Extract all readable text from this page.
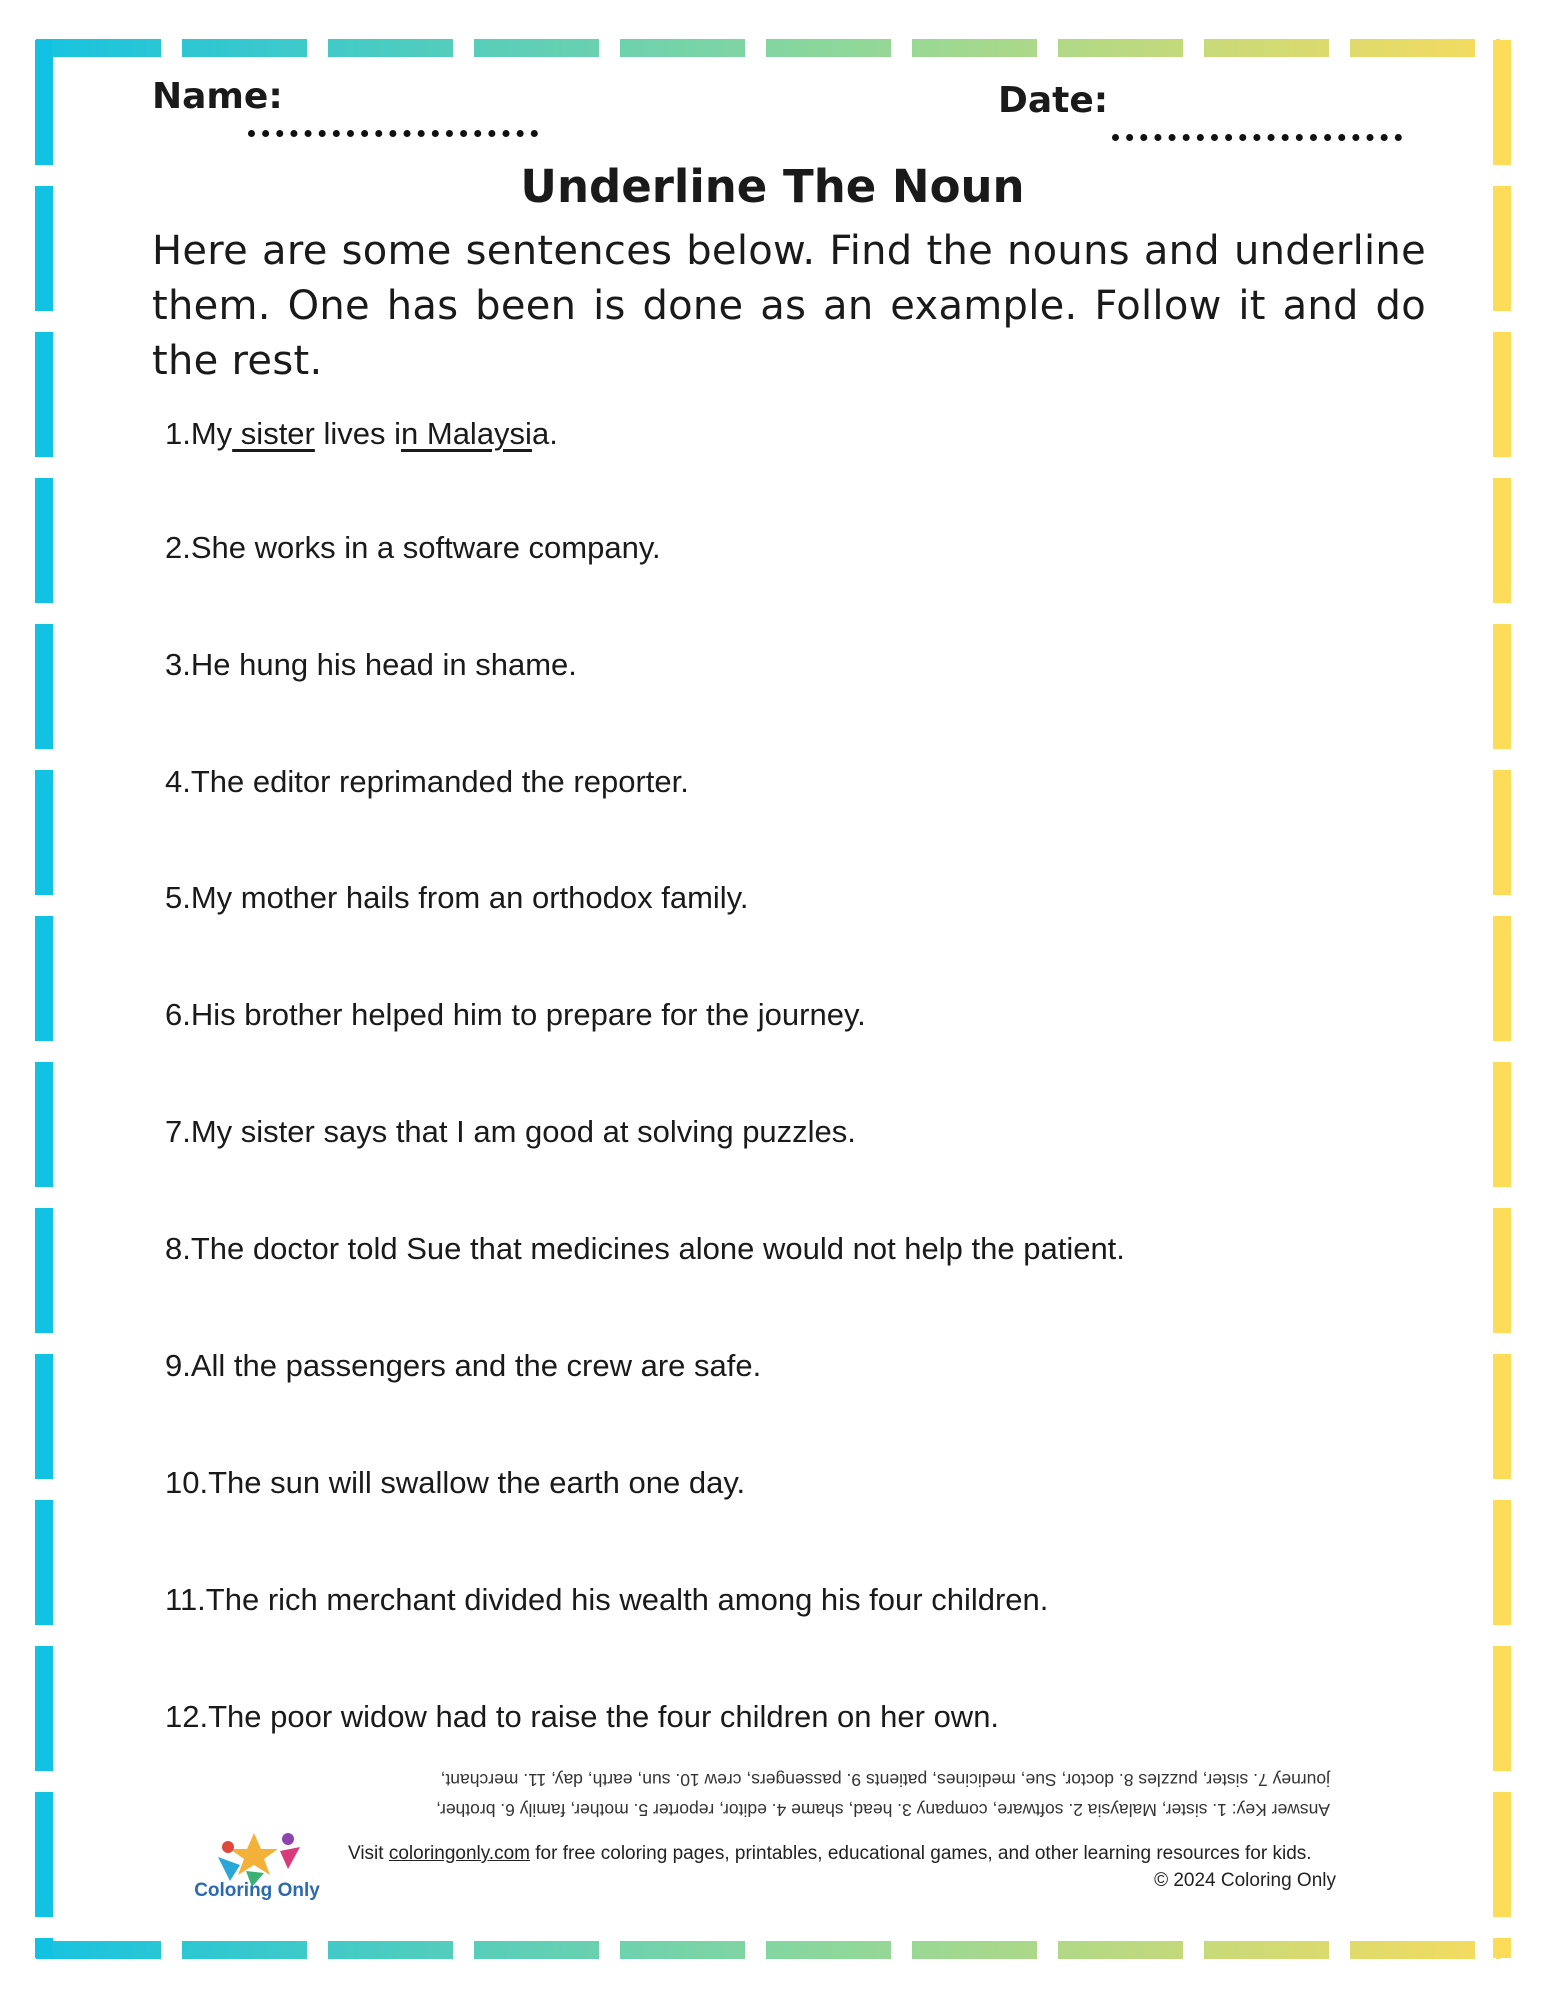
Name:	Date:
Underline The Noun
Here are some sentences below. Find the nouns and underline them. One has been is done as an example. Follow it and do the rest.
1.My sister lives in Malaysia.
2.She works in a software company.
3.He hung his head in shame.
4.The editor reprimanded the reporter.
5.My mother hails from an orthodox family.
6.His brother helped him to prepare for the journey.
7.My sister says that I am good at solving puzzles.
8.The doctor told Sue that medicines alone would not help the patient.
9.All the passengers and the crew are safe.
10.The sun will swallow the earth one day.
11.The rich merchant divided his wealth among his four children.
12.The poor widow had to raise the four children on her own.
Answer Key: 1. sister, Malaysia 2. software, company 3. head, shame 4. editor, reporter 5. mother, family 6. brother,
journey 7. sister, puzzles 8. doctor, Sue, medicines, patients 9. passengers, crew 10. sun, earth, day, 11. merchant,
Coloring Only
Visit coloringonly.com for free coloring pages, printables, educational games, and other learning resources for kids.
© 2024 Coloring Only
